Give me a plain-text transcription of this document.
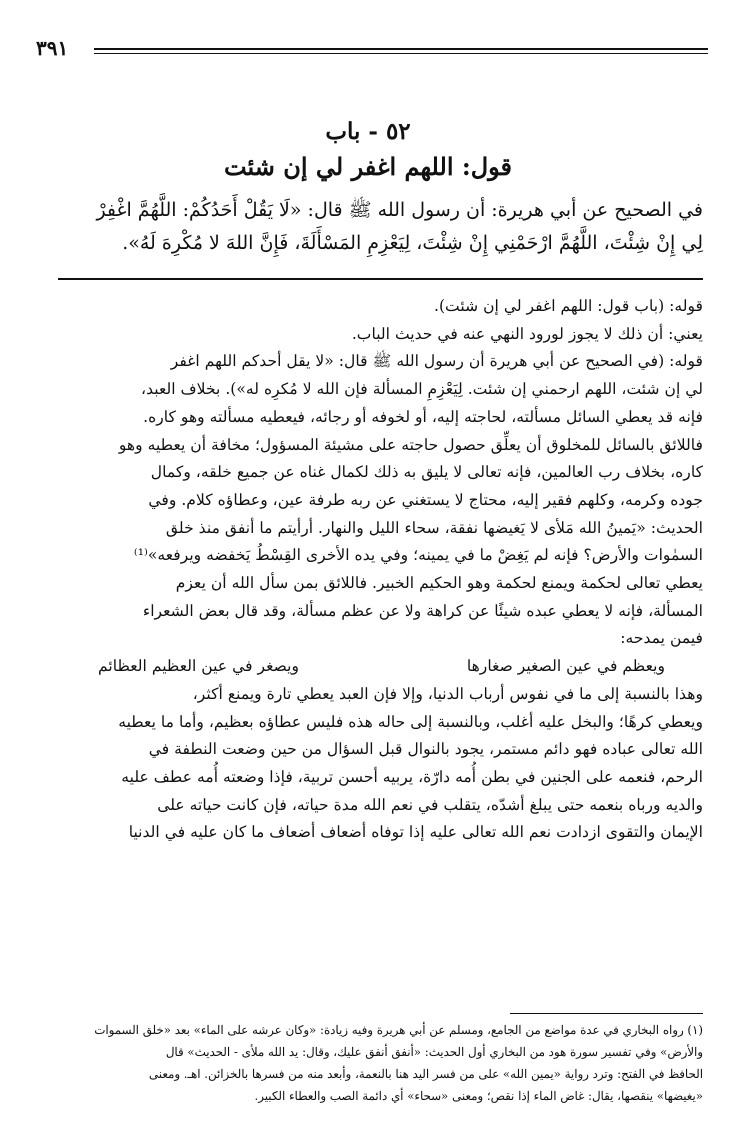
٣٩١
٥٢ - باب
قول: اللهم اغفر لي إن شئت
في الصحيح عن أبي هريرة: أن رسول الله ﷺ قال: «لَا يَقُلْ أَحَدُكُمْ: اللَّهُمَّ اغْفِرْ
لِي إِنْ شِئْتَ، اللَّهُمَّ ارْحَمْنِي إِنْ شِئْتَ، لِيَعْزِمِ المَسْأَلَةَ، فَإِنَّ اللهَ لا مُكْرِهَ لَهُ».

قوله: (باب قول: اللهم اغفر لي إن شئت).

يعني: أن ذلك لا يجوز لورود النهي عنه في حديث الباب.

قوله: (في الصحيح عن أبي هريرة أن رسول الله ﷺ قال: «لا يقل أحدكم اللهم اغفر

لي إن شئت، اللهم ارحمني إن شئت. لِيَعْزِمِ المسألة فإن الله لا مُكرِه له»). بخلاف العبد،

فإنه قد يعطي السائل مسألته، لحاجته إليه، أو لخوفه أو رجائه، فيعطيه مسألته وهو كاره.

فاللائق بالسائل للمخلوق أن يعلِّق حصول حاجته على مشيئة المسؤول؛ مخافة أن يعطيه وهو

كاره، بخلاف رب العالمين، فإنه تعالى لا يليق به ذلك لكمال غناه عن جميع خلقه، وكمال

جوده وكرمه، وكلهم فقير إليه، محتاج لا يستغني عن ربه طرفة عين، وعطاؤه كلام. وفي

الحديث: «يَمينُ الله مَلأى لا يَغيضها نفقة، سحاء الليل والنهار. أرأيتم ما أنفق منذ خلق

السمٰوات والأرض؟ فإنه لم يَغِضْ ما في يمينه؛ وفي يده الأخرى القِسْطُ يَخفضه ويرفعه»⁽¹⁾

يعطي تعالى لحكمة ويمنع لحكمة وهو الحكيم الخبير. فاللائق بمن سأل الله أن يعزم

المسألة، فإنه لا يعطي عبده شيئًا عن كراهة ولا عن عظم مسألة، وقد قال بعض الشعراء

فيمن يمدحه:

ويعظم في عين الصغير صغارها
ويصغر في عين العظيم العظائم

وهذا بالنسبة إلى ما في نفوس أرباب الدنيا، وإلا فإن العبد يعطي تارة ويمنع أكثر،

ويعطي كرهًا؛ والبخل عليه أغلب، وبالنسبة إلى حاله هذه فليس عطاؤه بعظيم، وأما ما يعطيه

الله تعالى عباده فهو دائم مستمر، يجود بالنوال قبل السؤال من حين وضعت النطفة في

الرحم، فنعمه على الجنين في بطن أُمه دارّة، يربيه أحسن تربية، فإذا وضعته أُمه عطف عليه

والديه ورباه بنعمه حتى يبلغ أشدّه، يتقلب في نعم الله مدة حياته، فإن كانت حياته على

الإيمان والتقوى ازدادت نعم الله تعالى عليه إذا توفاه أضعاف أضعاف ما كان عليه في الدنيا

(١) رواه البخاري في عدة مواضع من الجامع، ومسلم عن أبي هريرة وفيه زيادة: «وكان عرشه على الماء» بعد «خلق السموات

والأرض» وفي تفسير سورة هود من البخاري أول الحديث: «أنفق أنفق عليك، وقال: يد الله ملأى - الحديث» قال

الحافظ في الفتح: وترد رواية «يمين الله» على من فسر اليد هنا بالنعمة، وأبعد منه من فسرها بالخزائن. اهـ. ومعنى

«يغيضها» ينقصها، يقال: غاض الماء إذا نقص؛ ومعنى «سحاء» أي دائمة الصب والعطاء الكبير.
